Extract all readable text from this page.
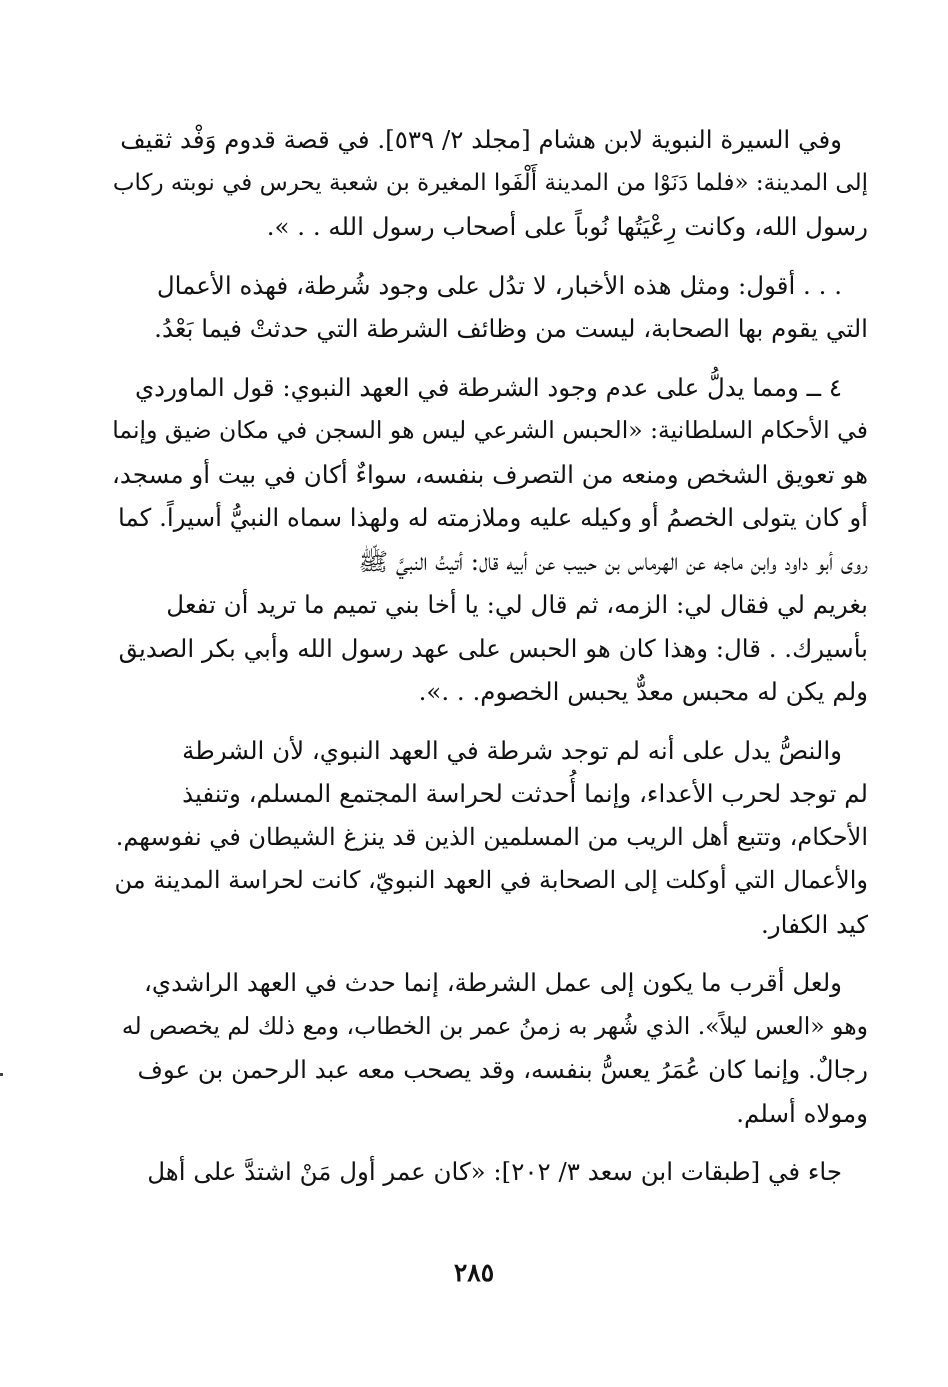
وفي السيرة النبوية لابن هشام [مجلد ٢/ ٥٣٩]. في قصة قدوم وَفْد ثقيف
إلى المدينة: «فلما دَنَوْا من المدينة أَلْفَوا المغيرة بن شعبة يحرس في نوبته ركاب
رسول الله، وكانت رِعْيَتُها نُوباً على أصحاب رسول الله . . ».

. . . أقول: ومثل هذه الأخبار، لا تدُل على وجود شُرطة، فهذه الأعمال
التي يقوم بها الصحابة، ليست من وظائف الشرطة التي حدثتْ فيما بَعْدُ.

٤ ــ ومما يدلُّ على عدم وجود الشرطة في العهد النبوي: قول الماوردي
في الأحكام السلطانية: «الحبس الشرعي ليس هو السجن في مكان ضيق وإنما
هو تعويق الشخص ومنعه من التصرف بنفسه، سواءٌ أكان في بيت أو مسجد،
أو كان يتولى الخصمُ أو وكيله عليه وملازمته له ولهذا سماه النبيُّ أسيراً. كما
روى أبو داود وابن ماجه عن الهرماس بن حبيب عن أبيه قال: أتيتُ النبيَّ ﷺ
بغريم لي فقال لي: الزمه، ثم قال لي: يا أخا بني تميم ما تريد أن تفعل
بأسيرك. . قال: وهذا كان هو الحبس على عهد رسول الله وأبي بكر الصديق
ولم يكن له محبس معدٌّ يحبس الخصوم. . .».

والنصُّ يدل على أنه لم توجد شرطة في العهد النبوي، لأن الشرطة
لم توجد لحرب الأعداء، وإنما أُحدثت لحراسة المجتمع المسلم، وتنفيذ
الأحكام، وتتبع أهل الريب من المسلمين الذين قد ينزغ الشيطان في نفوسهم.
والأعمال التي أوكلت إلى الصحابة في العهد النبويّ، كانت لحراسة المدينة من
كيد الكفار.

ولعل أقرب ما يكون إلى عمل الشرطة، إنما حدث في العهد الراشدي،
وهو «العس ليلاً». الذي شُهر به زمنُ عمر بن الخطاب، ومع ذلك لم يخصص له
رجالٌ. وإنما كان عُمَرُ يعسُّ بنفسه، وقد يصحب معه عبد الرحمن بن عوف
ومولاه أسلم.

جاء في [طبقات ابن سعد ٣/ ٢٠٢]: «كان عمر أول مَنْ اشتدَّ على أهل

٢٨٥
